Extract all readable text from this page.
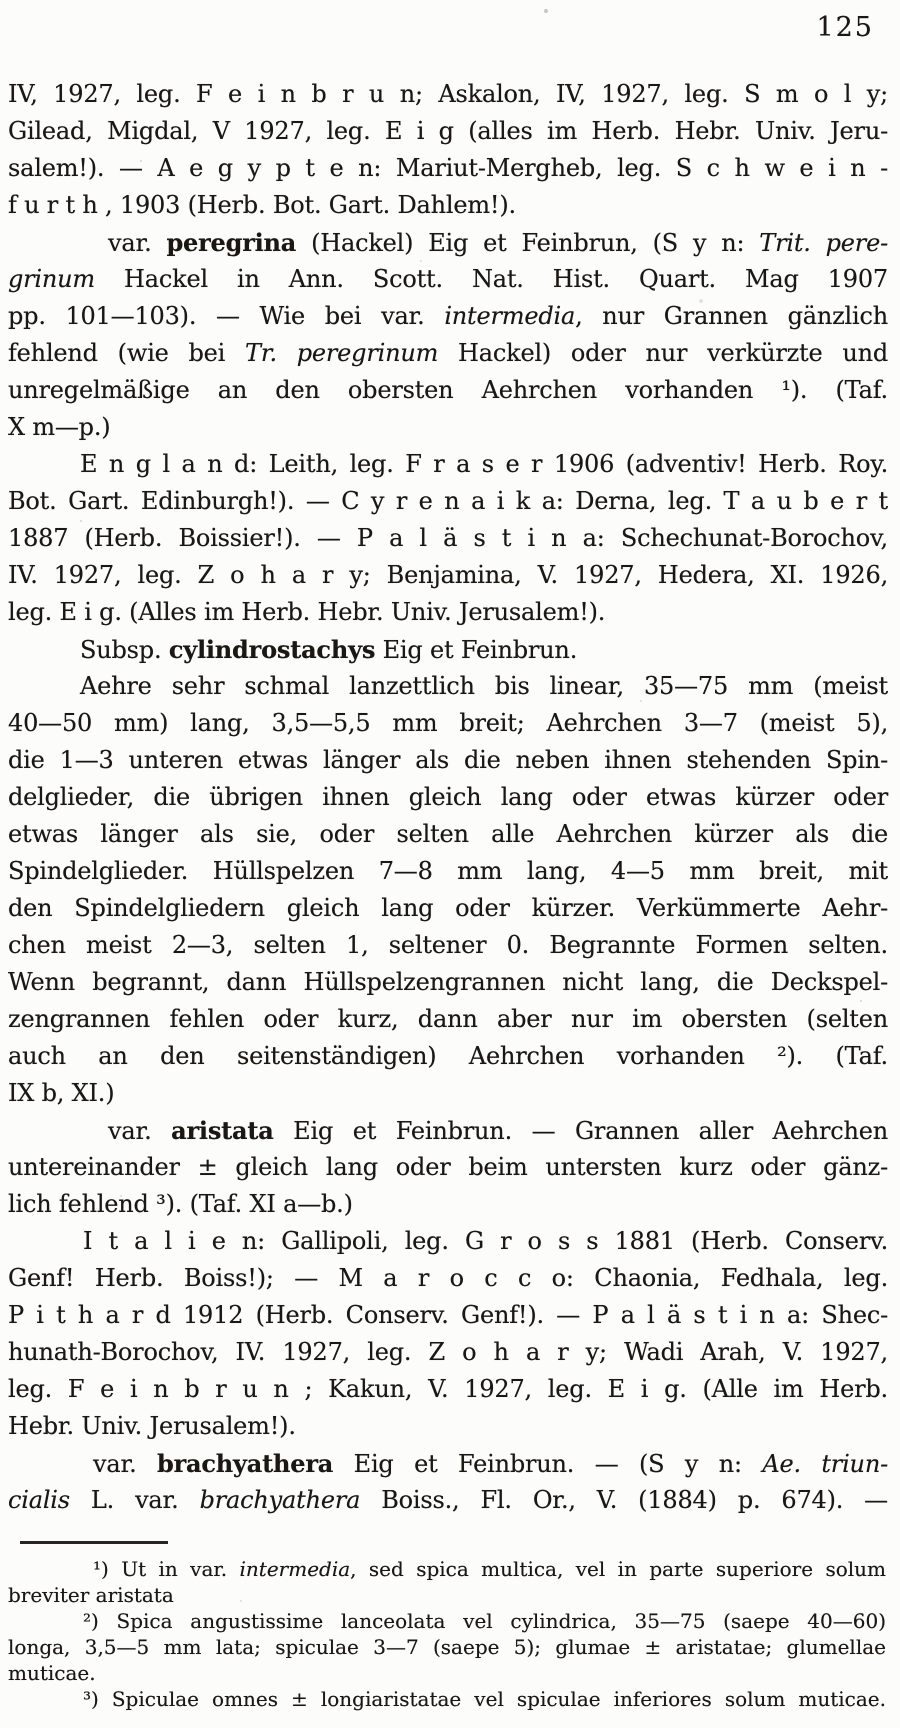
125
IV, 1927, leg. F e i n b r u n; Askalon, IV, 1927, leg. S m o l y;
Gilead, Migdal, V 1927, leg. E i g (alles im Herb. Hebr. Univ. Jeru-
salem!). — A e g y p t e n: Mariut-Mergheb, leg. S c h w e i n -
f u r t h , 1903 (Herb. Bot. Gart. Dahlem!).
var. peregrina (Hackel) Eig et Feinbrun, (S y n: Trit. pere-
grinum Hackel in Ann. Scott. Nat. Hist. Quart. Mag 1907
pp. 101—103). — Wie bei var. intermedia, nur Grannen gänzlich
fehlend (wie bei Tr. peregrinum Hackel) oder nur verkürzte und
unregelmäßige an den obersten Aehrchen vorhanden ¹). (Taf.
X m—p.)
E n g l a n d: Leith, leg. F r a s e r 1906 (adventiv! Herb. Roy.
Bot. Gart. Edinburgh!). — C y r e n a i k a: Derna, leg. T a u b e r t
1887 (Herb. Boissier!). — P a l ä s t i n a: Schechunat-Borochov,
IV. 1927, leg. Z o h a r y; Benjamina, V. 1927, Hedera, XI. 1926,
leg. E i g. (Alles im Herb. Hebr. Univ. Jerusalem!).
Subsp. cylindrostachys Eig et Feinbrun.
Aehre sehr schmal lanzettlich bis linear, 35—75 mm (meist
40—50 mm) lang, 3,5—5,5 mm breit; Aehrchen 3—7 (meist 5),
die 1—3 unteren etwas länger als die neben ihnen stehenden Spin-
delglieder, die übrigen ihnen gleich lang oder etwas kürzer oder
etwas länger als sie, oder selten alle Aehrchen kürzer als die
Spindelglieder. Hüllspelzen 7—8 mm lang, 4—5 mm breit, mit
den Spindelgliedern gleich lang oder kürzer. Verkümmerte Aehr-
chen meist 2—3, selten 1, seltener 0. Begrannte Formen selten.
Wenn begrannt, dann Hüllspelzengrannen nicht lang, die Deckspel-
zengrannen fehlen oder kurz, dann aber nur im obersten (selten
auch an den seitenständigen) Aehrchen vorhanden ²). (Taf.
IX b, XI.)
var. aristata Eig et Feinbrun. — Grannen aller Aehrchen
untereinander ± gleich lang oder beim untersten kurz oder gänz-
lich fehlend ³). (Taf. XI a—b.)
I t a l i e n: Gallipoli, leg. G r o s s 1881 (Herb. Conserv.
Genf! Herb. Boiss!); — M a r o c c o: Chaonia, Fedhala, leg.
P i t h a r d 1912 (Herb. Conserv. Genf!). — P a l ä s t i n a: Shec-
hunath-Borochov, IV. 1927, leg. Z o h a r y; Wadi Arah, V. 1927,
leg. F e i n b r u n ; Kakun, V. 1927, leg. E i g. (Alle im Herb.
Hebr. Univ. Jerusalem!).
var. brachyathera Eig et Feinbrun. — (S y n: Ae. triun-
cialis L. var. brachyathera Boiss., Fl. Or., V. (1884) p. 674). —
¹) Ut in var. intermedia, sed spica multica, vel in parte superiore solum
breviter aristata
²) Spica angustissime lanceolata vel cylindrica, 35—75 (saepe 40—60)
longa, 3,5—5 mm lata; spiculae 3—7 (saepe 5); glumae ± aristatae; glumellae
muticae.
³) Spiculae omnes ± longiaristatae vel spiculae inferiores solum muticae.
